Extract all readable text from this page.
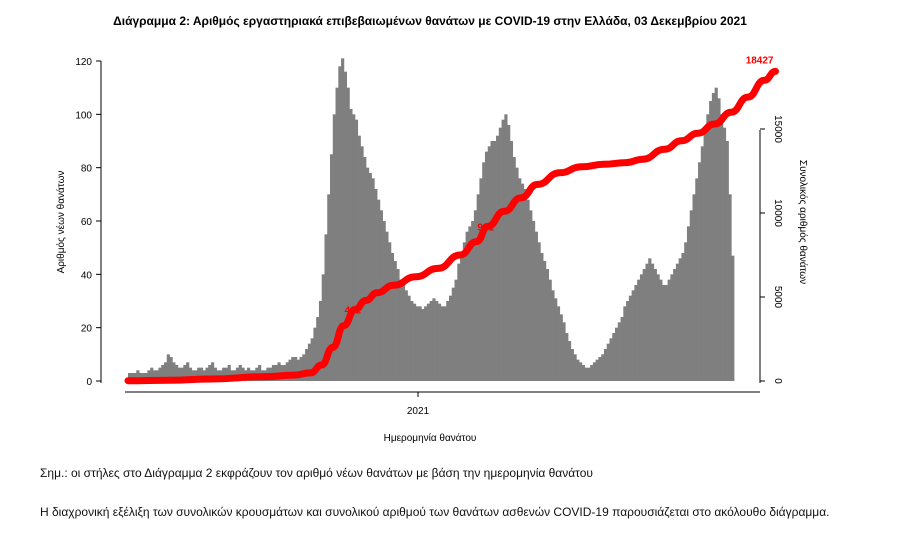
Διάγραμμα 2: Αριθμός εργαστηριακά επιβεβαιωμένων θανάτων με COVID-19 στην Ελλάδα, 03 Δεκεμβρίου 2021
0
20
40
60
80
100
120
0
5000
10000
15000
2021
18427
462
921
Αριθμός νέων θανάτων	Συνολικός αριθμός θανάτων
Ημερομηνία θανάτου
Σημ.: οι στήλες στο Διάγραμμα 2 εκφράζουν τον αριθμό νέων θανάτων με βάση την ημερομηνία θανάτου
Η διαχρονική εξέλιξη των συνολικών κρουσμάτων και συνολικού αριθμού των θανάτων ασθενών COVID-19 παρουσιάζεται στο ακόλουθο διάγραμμα.
